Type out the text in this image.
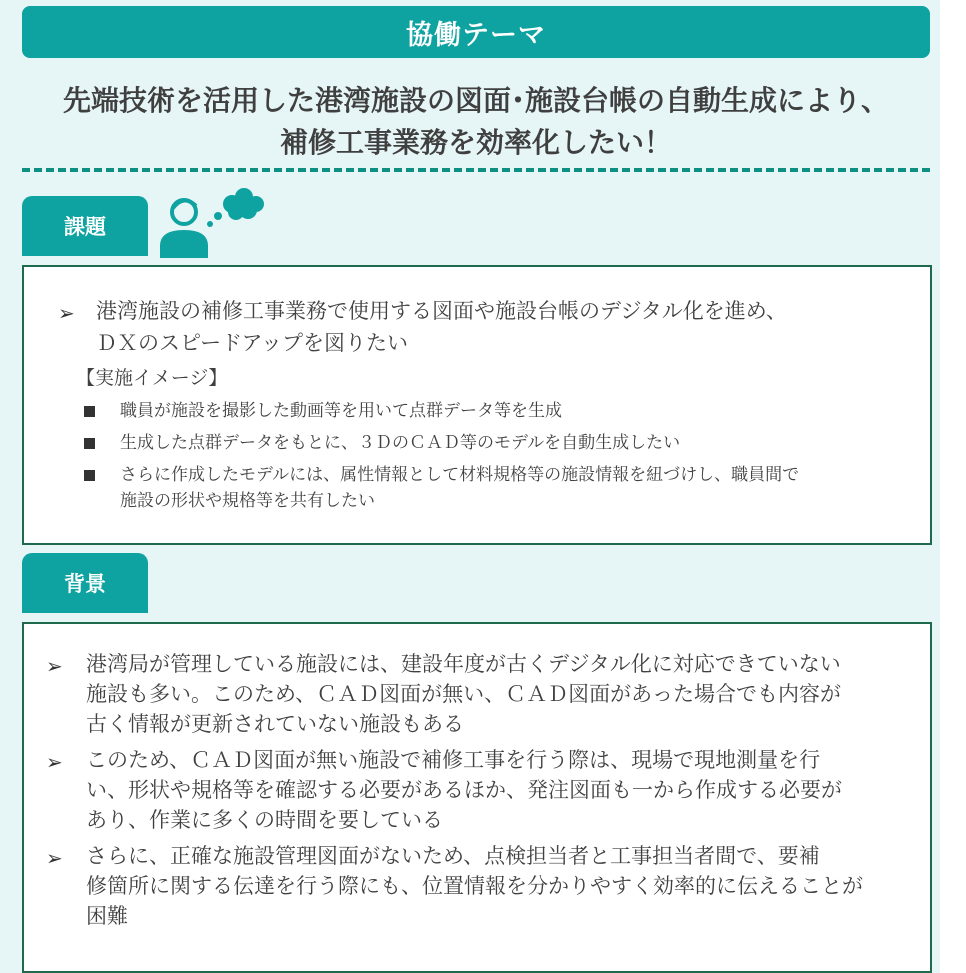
協働テーマ
先端技術を活用した港湾施設の図面･施設台帳の自動生成により、
補修工事業務を効率化したい！
課題
➢ 港湾施設の補修工事業務で使用する図面や施設台帳のデジタル化を進め、
ＤＸのスピードアップを図りたい
【実施イメージ】
職員が施設を撮影した動画等を用いて点群データ等を生成
生成した点群データをもとに、３ＤのＣＡＤ等のモデルを自動生成したい
さらに作成したモデルには、属性情報として材料規格等の施設情報を紐づけし、職員間で
施設の形状や規格等を共有したい
背景
➢ 港湾局が管理している施設には、建設年度が古くデジタル化に対応できていない
施設も多い。このため、ＣＡＤ図面が無い、ＣＡＤ図面があった場合でも内容が
古く情報が更新されていない施設もある
➢ このため、ＣＡＤ図面が無い施設で補修工事を行う際は、現場で現地測量を行
い、形状や規格等を確認する必要があるほか、発注図面も一から作成する必要が
あり、作業に多くの時間を要している
➢ さらに、正確な施設管理図面がないため、点検担当者と工事担当者間で、要補
修箇所に関する伝達を行う際にも、位置情報を分かりやすく効率的に伝えることが
困難
